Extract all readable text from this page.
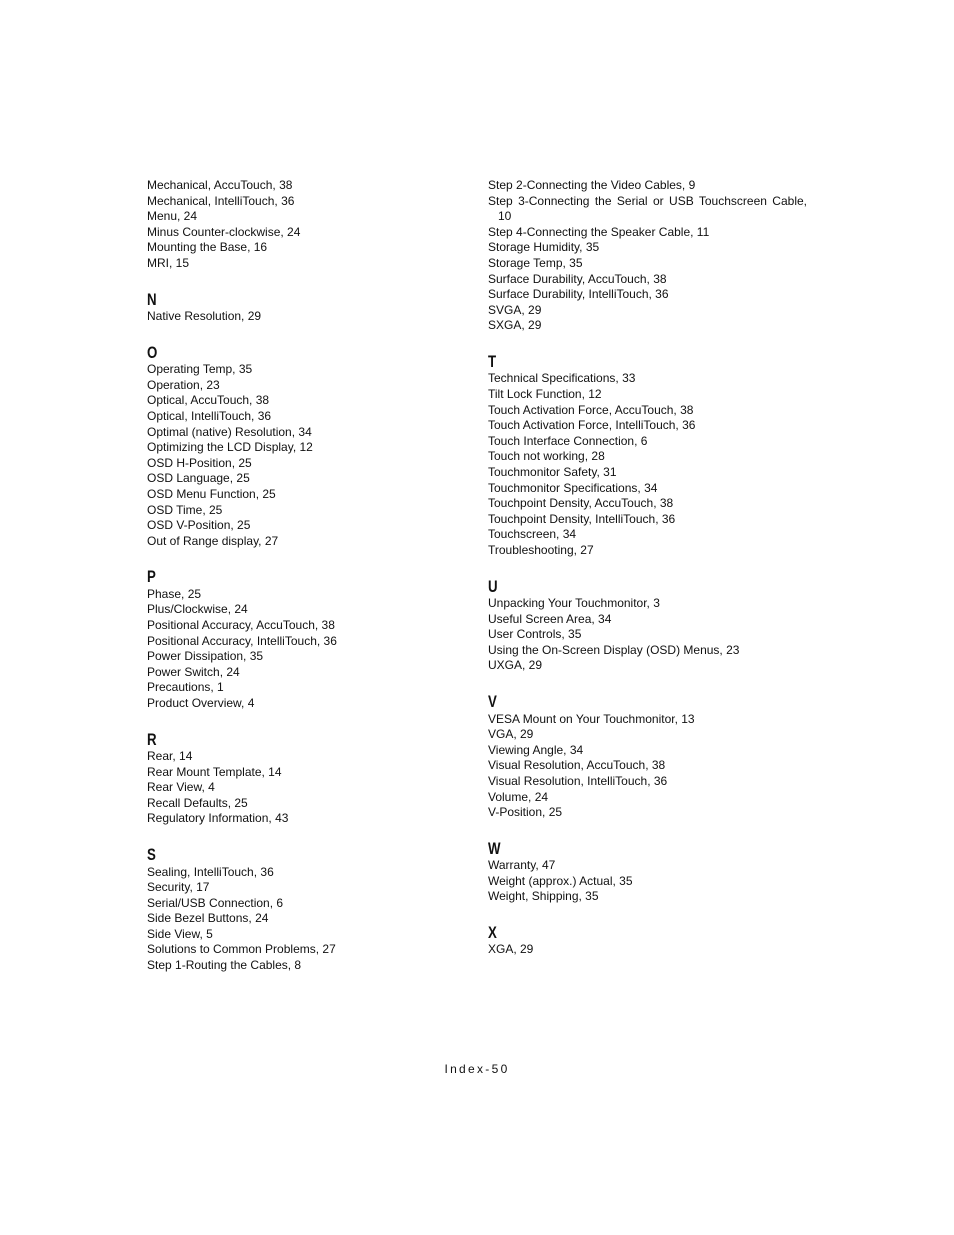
Mechanical, AccuTouch, 38
Mechanical, IntelliTouch, 36
Menu, 24
Minus Counter-clockwise, 24
Mounting the Base, 16
MRI, 15
N
Native Resolution, 29
O
Operating Temp, 35
Operation, 23
Optical, AccuTouch, 38
Optical, IntelliTouch, 36
Optimal (native) Resolution, 34
Optimizing the LCD Display, 12
OSD H-Position, 25
OSD Language, 25
OSD Menu Function, 25
OSD Time, 25
OSD V-Position, 25
Out of Range display, 27
P
Phase, 25
Plus/Clockwise, 24
Positional Accuracy, AccuTouch, 38
Positional Accuracy, IntelliTouch, 36
Power Dissipation, 35
Power Switch, 24
Precautions, 1
Product Overview, 4
R
Rear, 14
Rear Mount Template, 14
Rear View, 4
Recall Defaults, 25
Regulatory Information, 43
S
Sealing, IntelliTouch, 36
Security, 17
Serial/USB Connection, 6
Side Bezel Buttons, 24
Side View, 5
Solutions to Common Problems, 27
Step 1-Routing the Cables, 8
Step 2-Connecting the Video Cables, 9
Step 3-Connecting the Serial or USB Touchscreen Cable, 10
Step 4-Connecting the Speaker Cable, 11
Storage Humidity, 35
Storage Temp, 35
Surface Durability, AccuTouch, 38
Surface Durability, IntelliTouch, 36
SVGA, 29
SXGA, 29
T
Technical Specifications, 33
Tilt Lock Function, 12
Touch Activation Force, AccuTouch, 38
Touch Activation Force, IntelliTouch, 36
Touch Interface Connection, 6
Touch not working, 28
Touchmonitor Safety, 31
Touchmonitor Specifications, 34
Touchpoint Density, AccuTouch, 38
Touchpoint Density, IntelliTouch, 36
Touchscreen, 34
Troubleshooting, 27
U
Unpacking Your Touchmonitor, 3
Useful Screen Area, 34
User Controls, 35
Using the On-Screen Display (OSD) Menus, 23
UXGA, 29
V
VESA Mount on Your Touchmonitor, 13
VGA, 29
Viewing Angle, 34
Visual Resolution, AccuTouch, 38
Visual Resolution, IntelliTouch, 36
Volume, 24
V-Position, 25
W
Warranty, 47
Weight (approx.) Actual, 35
Weight, Shipping, 35
X
XGA, 29
Index-50
